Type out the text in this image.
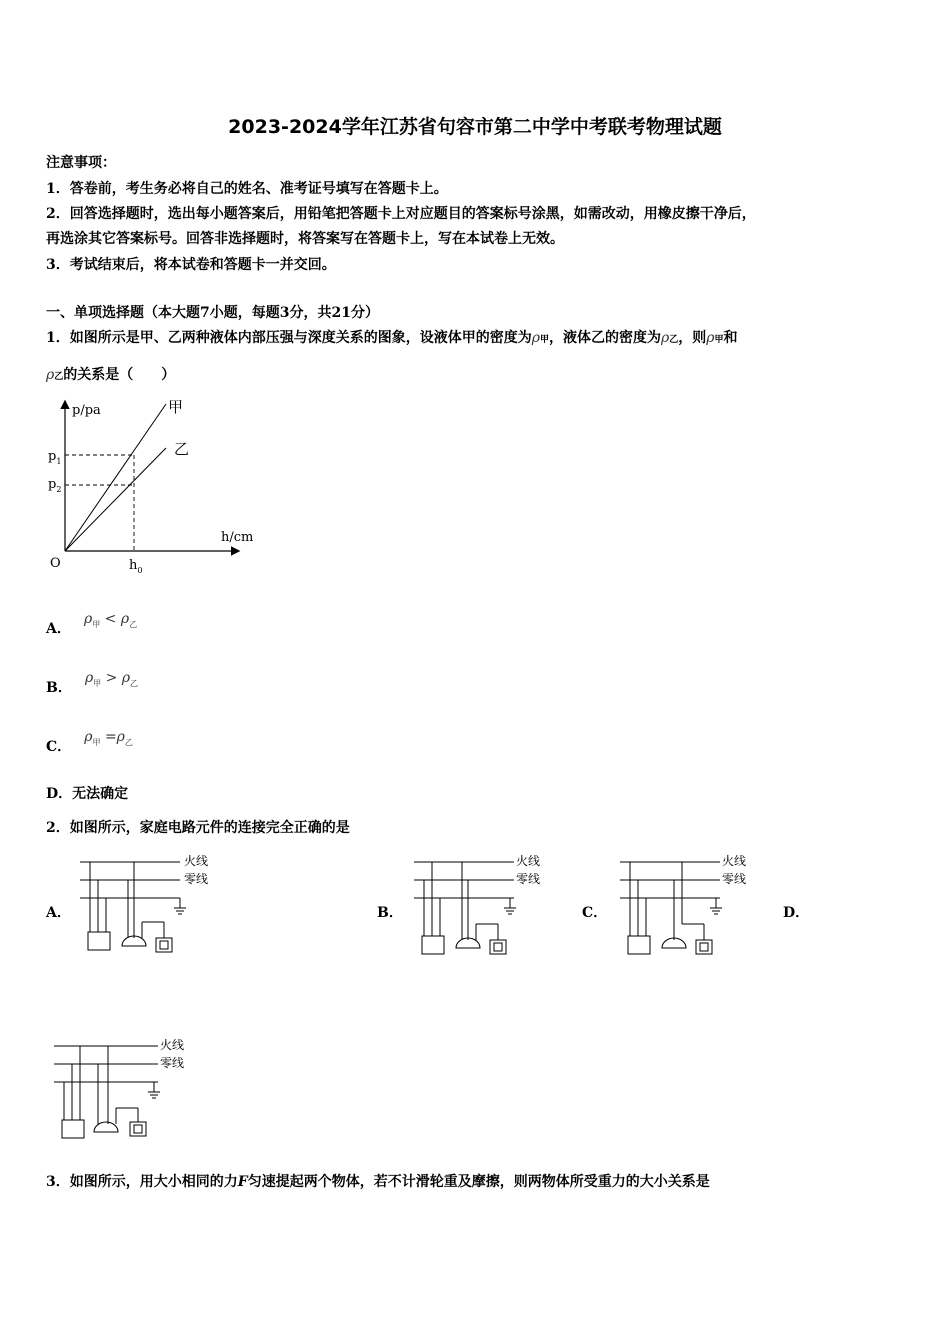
2023-2024学年江苏省句容市第二中学中考联考物理试题
注意事项：
1．答卷前，考生务必将自己的姓名、准考证号填写在答题卡上。
2．回答选择题时，选出每小题答案后，用铅笔把答题卡上对应题目的答案标号涂黑，如需改动，用橡皮擦干净后，
再选涂其它答案标号。回答非选择题时，将答案写在答题卡上，写在本试卷上无效。
3．考试结束后，将本试卷和答题卡一并交回。
一、单项选择题（本大题7小题，每题3分，共21分）
1．如图所示是甲、乙两种液体内部压强与深度关系的图象，设液体甲的密度为ρ甲，液体乙的密度为ρ乙，则ρ甲和
ρ乙的关系是（　　）
p/pa
h/cm
O
$p_1$
$p_2$
$h_0$
甲
乙
A． $\rho_甲 < \rho_乙$
B． $\rho_甲 > \rho_乙$
C． $\rho_甲 =\rho_乙$
D．无法确定
2．如图所示，家庭电路元件的连接完全正确的是
A．	B．	C．	D．
火线
零线
火线
零线
火线
零线
火线
零线
3．如图所示，用大小相同的力F匀速提起两个物体，若不计滑轮重及摩擦，则两物体所受重力的大小关系是
